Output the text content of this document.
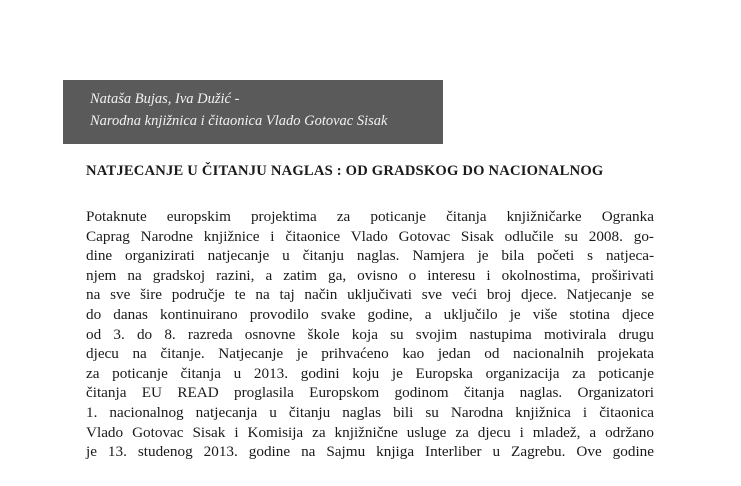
Nataša Bujas, Iva Dužić -
Narodna knjižnica i čitaonica Vlado Gotovac Sisak
NATJECANJE U ČITANJU NAGLAS : OD GRADSKOG DO NACIONALNOG
Potaknute europskim projektima za poticanje čitanja knjižničarke Ogranka
Caprag Narodne knjižnice i čitaonice Vlado Gotovac Sisak odlučile su 2008. go-
dine organizirati natjecanje u čitanju naglas. Namjera je bila početi s natjeca-
njem na gradskoj razini, a zatim ga, ovisno o interesu i okolnostima, proširivati
na sve šire područje te na taj način uključivati sve veći broj djece. Natjecanje se
do danas kontinuirano provodilo svake godine, a uključilo je više stotina djece
od 3. do 8. razreda osnovne škole koja su svojim nastupima motivirala drugu
djecu na čitanje. Natjecanje je prihvaćeno kao jedan od nacionalnih projekata
za poticanje čitanja u 2013. godini koju je Europska organizacija za poticanje
čitanja EU READ proglasila Europskom godinom čitanja naglas. Organizatori
1. nacionalnog natjecanja u čitanju naglas bili su Narodna knjižnica i čitaonica
Vlado Gotovac Sisak i Komisija za knjižnične usluge za djecu i mladež, a održano
je 13. studenog 2013. godine na Sajmu knjiga Interliber u Zagrebu. Ove godine
